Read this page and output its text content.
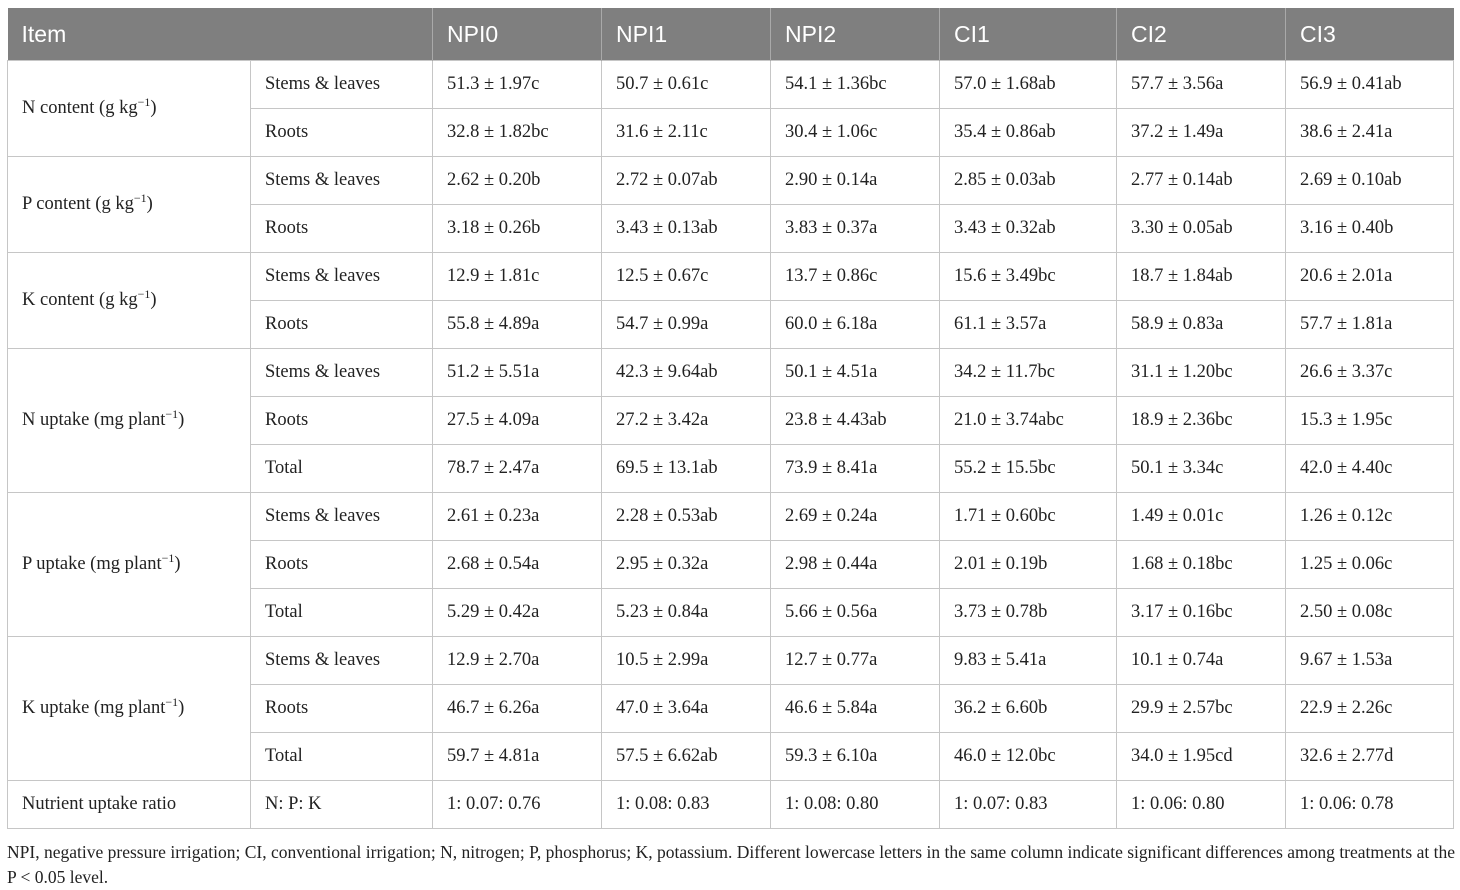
Item		NPI0	NPI1	NPI2	CI1	CI2	CI3
N content (g $kg^{-1}$)	Stems & leaves	51.3 ± 1.97c	50.7 ± 0.61c	54.1 ± 1.36bc	57.0 ± 1.68ab	57.7 ± 3.56a	56.9 ± 0.41ab
	Roots	32.8 ± 1.82bc	31.6 ± 2.11c	30.4 ± 1.06c	35.4 ± 0.86ab	37.2 ± 1.49a	38.6 ± 2.41a
P content (g $kg^{-1}$)	Stems & leaves	2.62 ± 0.20b	2.72 ± 0.07ab	2.90 ± 0.14a	2.85 ± 0.03ab	2.77 ± 0.14ab	2.69 ± 0.10ab
	Roots	3.18 ± 0.26b	3.43 ± 0.13ab	3.83 ± 0.37a	3.43 ± 0.32ab	3.30 ± 0.05ab	3.16 ± 0.40b
K content (g $kg^{-1}$)	Stems & leaves	12.9 ± 1.81c	12.5 ± 0.67c	13.7 ± 0.86c	15.6 ± 3.49bc	18.7 ± 1.84ab	20.6 ± 2.01a
	Roots	55.8 ± 4.89a	54.7 ± 0.99a	60.0 ± 6.18a	61.1 ± 3.57a	58.9 ± 0.83a	57.7 ± 1.81a
N uptake (mg plant$^{-1}$)	Stems & leaves	51.2 ± 5.51a	42.3 ± 9.64ab	50.1 ± 4.51a	34.2 ± 11.7bc	31.1 ± 1.20bc	26.6 ± 3.37c
	Roots	27.5 ± 4.09a	27.2 ± 3.42a	23.8 ± 4.43ab	21.0 ± 3.74abc	18.9 ± 2.36bc	15.3 ± 1.95c
	Total	78.7 ± 2.47a	69.5 ± 13.1ab	73.9 ± 8.41a	55.2 ± 15.5bc	50.1 ± 3.34c	42.0 ± 4.40c
P uptake (mg plant$^{-1}$)	Stems & leaves	2.61 ± 0.23a	2.28 ± 0.53ab	2.69 ± 0.24a	1.71 ± 0.60bc	1.49 ± 0.01c	1.26 ± 0.12c
	Roots	2.68 ± 0.54a	2.95 ± 0.32a	2.98 ± 0.44a	2.01 ± 0.19b	1.68 ± 0.18bc	1.25 ± 0.06c
	Total	5.29 ± 0.42a	5.23 ± 0.84a	5.66 ± 0.56a	3.73 ± 0.78b	3.17 ± 0.16bc	2.50 ± 0.08c
K uptake (mg plant$^{-1}$)	Stems & leaves	12.9 ± 2.70a	10.5 ± 2.99a	12.7 ± 0.77a	9.83 ± 5.41a	10.1 ± 0.74a	9.67 ± 1.53a
	Roots	46.7 ± 6.26a	47.0 ± 3.64a	46.6 ± 5.84a	36.2 ± 6.60b	29.9 ± 2.57bc	22.9 ± 2.26c
	Total	59.7 ± 4.81a	57.5 ± 6.62ab	59.3 ± 6.10a	46.0 ± 12.0bc	34.0 ± 1.95cd	32.6 ± 2.77d
Nutrient uptake ratio	N: P: K	1: 0.07: 0.76	1: 0.08: 0.83	1: 0.08: 0.80	1: 0.07: 0.83	1: 0.06: 0.80	1: 0.06: 0.78
NPI, negative pressure irrigation; CI, conventional irrigation; N, nitrogen; P, phosphorus; K, potassium. Different lowercase letters in the same column indicate significant differences among treatments at the P < 0.05 level.
